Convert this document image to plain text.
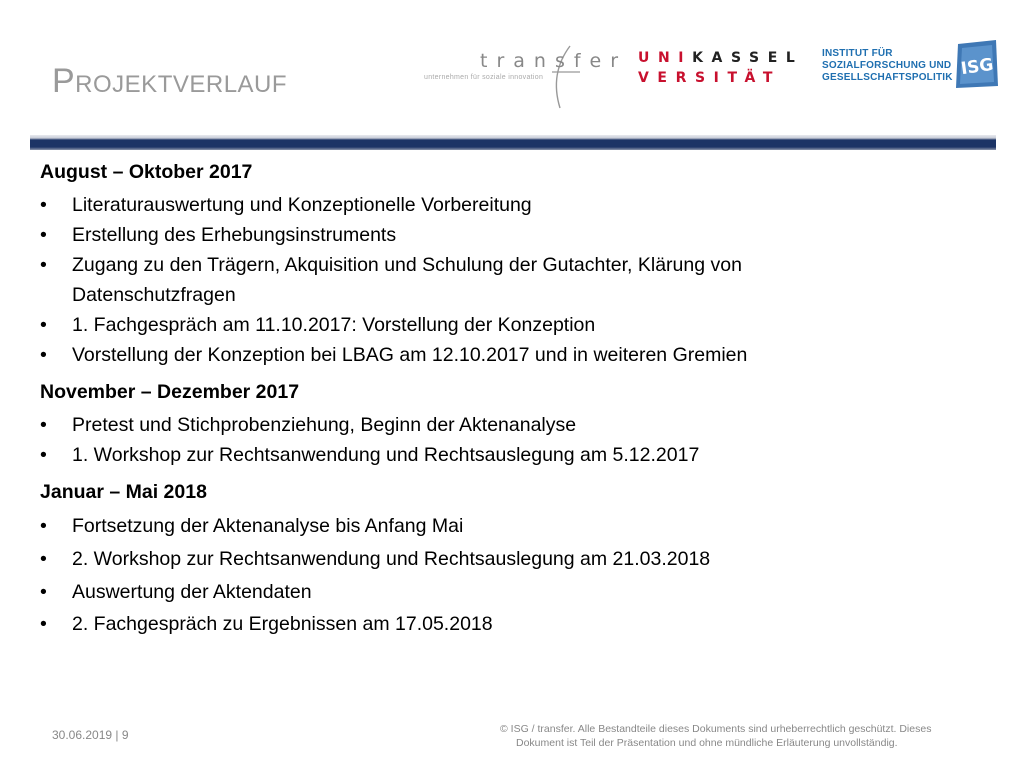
Projektverlauf
transfer
unternehmen für soziale innovation
UNIKASSEL
VERSITÄT
INSTITUT FÜR
SOZIALFORSCHUNG UND
GESELLSCHAFTSPOLITIK ISG
August – Oktober 2017
•	Literaturauswertung und Konzeptionelle Vorbereitung
•	Erstellung des Erhebungsinstruments
•	Zugang zu den Trägern, Akquisition und Schulung der Gutachter, Klärung von Datenschutzfragen
•	1. Fachgespräch am 11.10.2017: Vorstellung der Konzeption
•	Vorstellung der Konzeption bei LBAG am 12.10.2017 und in weiteren Gremien
November – Dezember 2017
•	Pretest und Stichprobenziehung, Beginn der Aktenanalyse
•	1. Workshop zur Rechtsanwendung und Rechtsauslegung am 5.12.2017
Januar – Mai 2018
•	Fortsetzung der Aktenanalyse bis Anfang Mai
•	2. Workshop zur Rechtsanwendung und Rechtsauslegung am 21.03.2018
•	Auswertung der Aktendaten
•	2. Fachgespräch zu Ergebnissen am 17.05.2018
30.06.2019 | 9	© ISG / transfer. Alle Bestandteile dieses Dokuments sind urheberrechtlich geschützt. Dieses
Dokument ist Teil der Präsentation und ohne mündliche Erläuterung unvollständig.
